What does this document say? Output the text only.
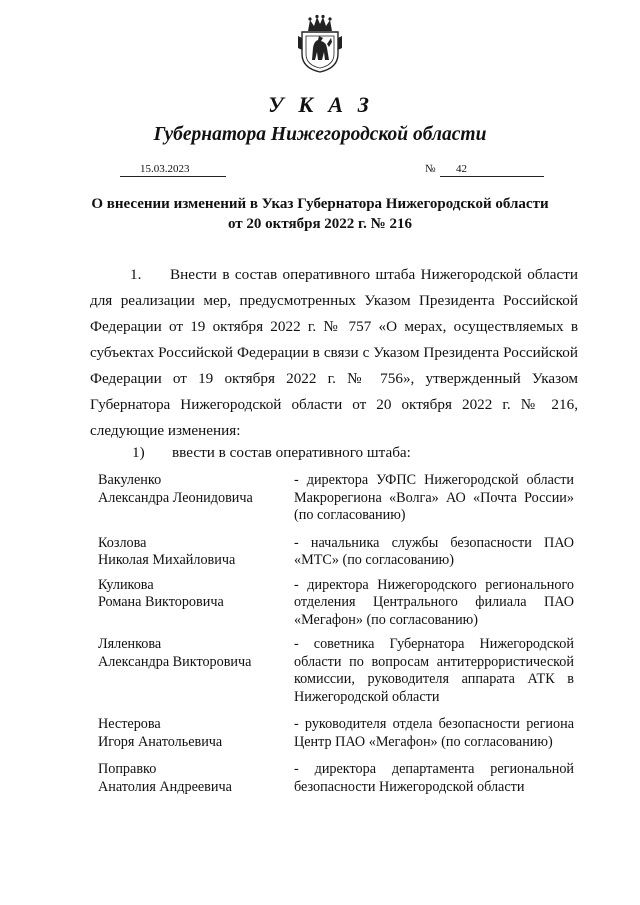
УКАЗ
Губернатора Нижегородской области
15.03.2023	№	42
О внесении изменений в Указ Губернатора Нижегородской области от 20 октября 2022 г. № 216
1. Внести в состав оперативного штаба Нижегородской области для реализации мер, предусмотренных Указом Президента Российской Федерации от 19 октября 2022 г. № 757 «О мерах, осуществляемых в субъектах Российской Федерации в связи с Указом Президента Российской Федерации от 19 октября 2022 г. № 756», утвержденный Указом Губернатора Нижегородской области от 20 октября 2022 г. № 216, следующие изменения:
1) ввести в состав оперативного штаба:
Вакуленко
Александра Леонидовича
- директора УФПС Нижегородской области Макрорегиона «Волга» АО «Почта России» (по согласованию)
Козлова
Николая Михайловича
- начальника службы безопасности ПАО «МТС» (по согласованию)
Куликова
Романа Викторовича
- директора Нижегородского регионального отделения Центрального филиала ПАО «Мегафон» (по согласованию)
Ляленкова
Александра Викторовича
- советника Губернатора Нижегородской области по вопросам антитеррористической комиссии, руководителя аппарата АТК в Нижегородской области
Нестерова
Игоря Анатольевича
- руководителя отдела безопасности региона Центр ПАО «Мегафон» (по согласованию)
Поправко
Анатолия Андреевича
- директора департамента региональной безопасности Нижегородской области
